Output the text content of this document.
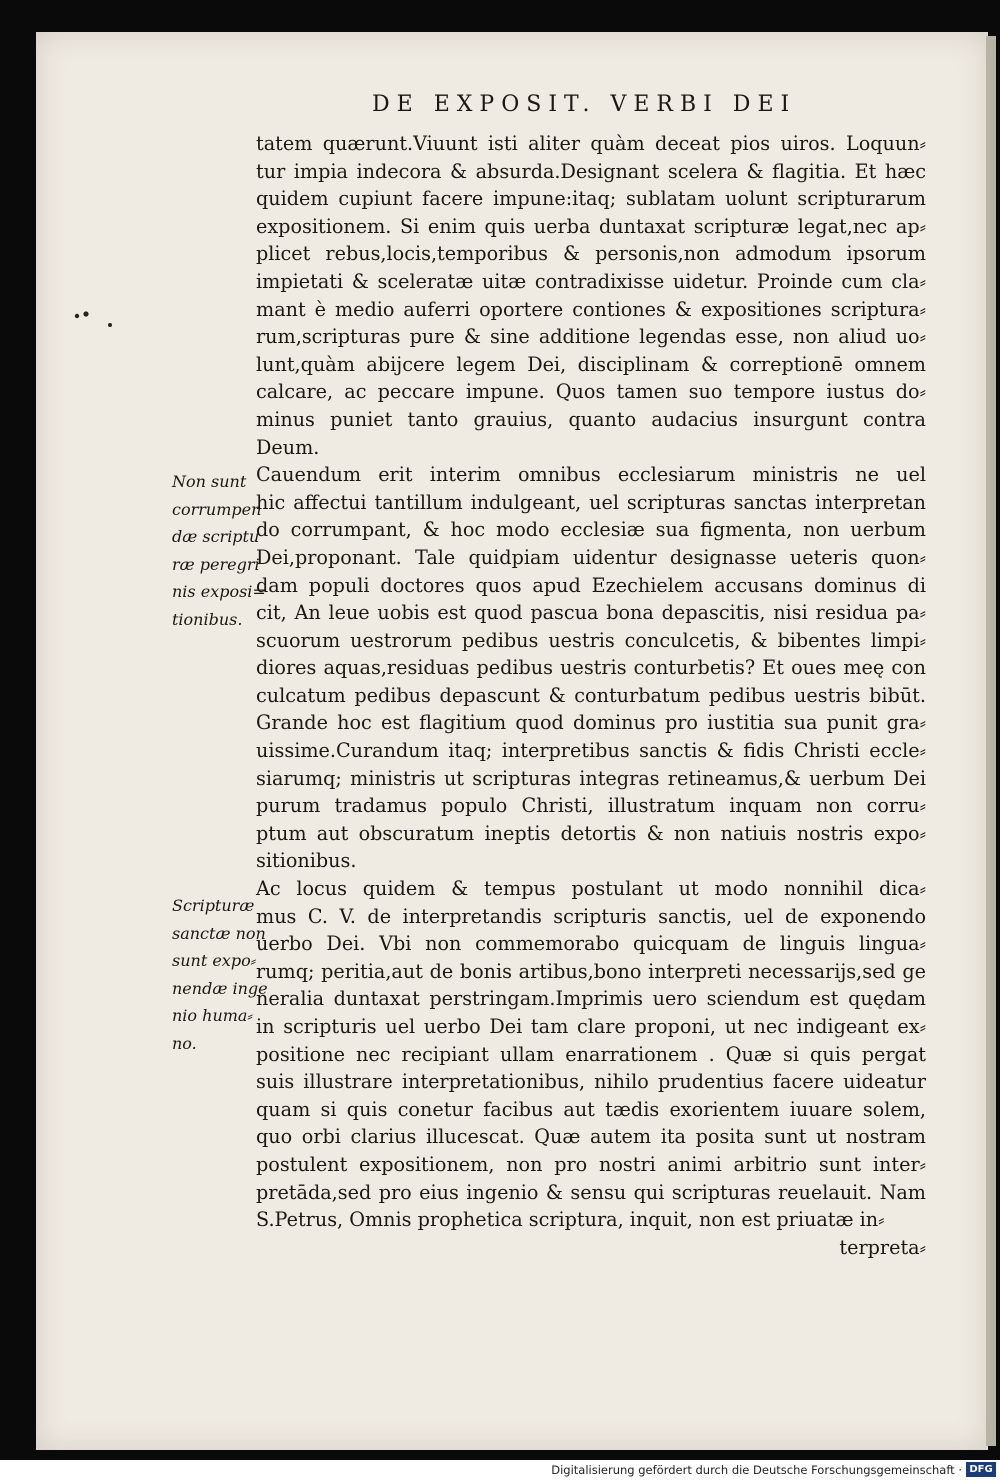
DE EXPOSIT. VERBI DEI
tatem quærunt.Viuunt isti aliter quàm deceat pios uiros. Loquun⸗
tur impia indecora & absurda.Designant scelera & flagitia. Et hæc
quidem cupiunt facere impune:itaq; sublatam uolunt scripturarum
expositionem. Si enim quis uerba duntaxat scripturæ legat,nec ap⸗
plicet rebus,locis,temporibus & personis,non admodum ipsorum
impietati & sceleratæ uitæ contradixisse uidetur. Proinde cum cla⸗
mant è medio auferri oportere contiones & expositiones scriptura⸗
rum,scripturas pure & sine additione legendas esse, non aliud uo⸗
lunt,quàm abijcere legem Dei, disciplinam & correptionē omnem
calcare, ac peccare impune. Quos tamen suo tempore iustus do⸗
minus puniet tanto grauius, quanto audacius insurgunt contra
Deum.
Cauendum erit interim omnibus ecclesiarum ministris ne uel
hic affectui tantillum indulgeant, uel scripturas sanctas interpretan
do corrumpant, & hoc modo ecclesiæ sua figmenta, non uerbum
Dei,proponant. Tale quidpiam uidentur designasse ueteris quon⸗
dam populi doctores quos apud Ezechielem accusans dominus di
cit, An leue uobis est quod pascua bona depascitis, nisi residua pa⸗
scuorum uestrorum pedibus uestris conculcetis, & bibentes limpi⸗
diores aquas,residuas pedibus uestris conturbetis? Et oues meę con
culcatum pedibus depascunt & conturbatum pedibus uestris bibūt.
Grande hoc est flagitium quod dominus pro iustitia sua punit gra⸗
uissime.Curandum itaq; interpretibus sanctis & fidis Christi eccle⸗
siarumq; ministris ut scripturas integras retineamus,& uerbum Dei
purum tradamus populo Christi, illustratum inquam non corru⸗
ptum aut obscuratum ineptis detortis & non natiuis nostris expo⸗
sitionibus.
Ac locus quidem & tempus postulant ut modo nonnihil dica⸗
mus C. V. de interpretandis scripturis sanctis, uel de exponendo
uerbo Dei. Vbi non commemorabo quicquam de linguis lingua⸗
rumq; peritia,aut de bonis artibus,bono interpreti necessarijs,sed ge
neralia duntaxat perstringam.Imprimis uero sciendum est quędam
in scripturis uel uerbo Dei tam clare proponi, ut nec indigeant ex⸗
positione nec recipiant ullam enarrationem . Quæ si quis pergat
suis illustrare interpretationibus, nihilo prudentius facere uideatur
quam si quis conetur facibus aut tædis exorientem iuuare solem,
quo orbi clarius illucescat. Quæ autem ita posita sunt ut nostram
postulent expositionem, non pro nostri animi arbitrio sunt inter⸗
pretāda,sed pro eius ingenio & sensu qui scripturas reuelauit. Nam
S.Petrus, Omnis prophetica scriptura, inquit, non est priuatæ in⸗
terpreta⸗
Non sunt
corrumpen
dæ scriptu
ræ peregri
nis exposi=
tionibus.
Scripturæ
sanctæ non
sunt expo⸗
nendæ inge
nio huma⸗
no.
Digitalisierung gefördert durch die Deutsche Forschungsgemeinschaft · DFG
